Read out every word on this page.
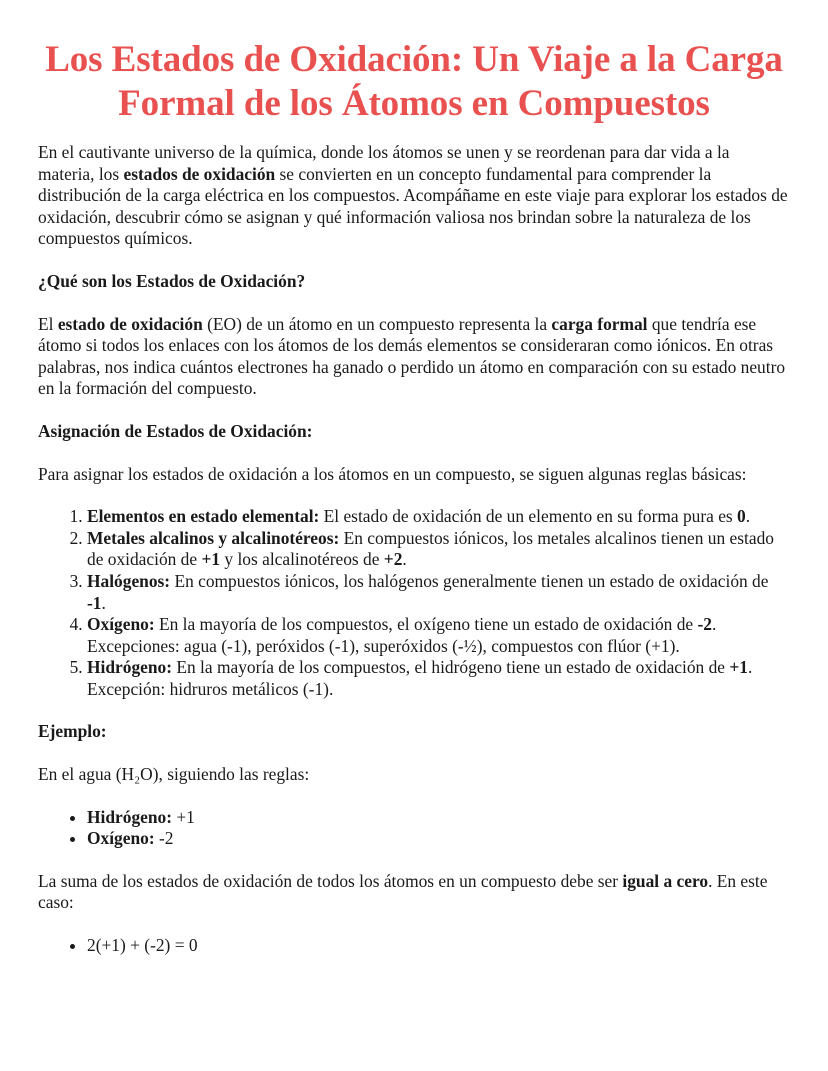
Los Estados de Oxidación: Un Viaje a la Carga Formal de los Átomos en Compuestos

En el cautivante universo de la química, donde los átomos se unen y se reordenan para dar vida a la materia, los estados de oxidación se convierten en un concepto fundamental para comprender la distribución de la carga eléctrica en los compuestos. Acompáñame en este viaje para explorar los estados de oxidación, descubrir cómo se asignan y qué información valiosa nos brindan sobre la naturaleza de los compuestos químicos.

¿Qué son los Estados de Oxidación?

El estado de oxidación (EO) de un átomo en un compuesto representa la carga formal que tendría ese átomo si todos los enlaces con los átomos de los demás elementos se consideraran como iónicos. En otras palabras, nos indica cuántos electrones ha ganado o perdido un átomo en comparación con su estado neutro en la formación del compuesto.

Asignación de Estados de Oxidación:

Para asignar los estados de oxidación a los átomos en un compuesto, se siguen algunas reglas básicas:

1. Elementos en estado elemental: El estado de oxidación de un elemento en su forma pura es 0.
2. Metales alcalinos y alcalinotéreos: En compuestos iónicos, los metales alcalinos tienen un estado de oxidación de +1 y los alcalinotéreos de +2.
3. Halógenos: En compuestos iónicos, los halógenos generalmente tienen un estado de oxidación de -1.
4. Oxígeno: En la mayoría de los compuestos, el oxígeno tiene un estado de oxidación de -2. Excepciones: agua (-1), peróxidos (-1), superóxidos (-½), compuestos con flúor (+1).
5. Hidrógeno: En la mayoría de los compuestos, el hidrógeno tiene un estado de oxidación de +1. Excepción: hidruros metálicos (-1).
Ejemplo:

En el agua (H₂O), siguiendo las reglas:

• Hidrógeno: +1
• Oxígeno: -2

La suma de los estados de oxidación de todos los átomos en un compuesto debe ser igual a cero. En este caso:

• 2(+1) + (-2) = 0
